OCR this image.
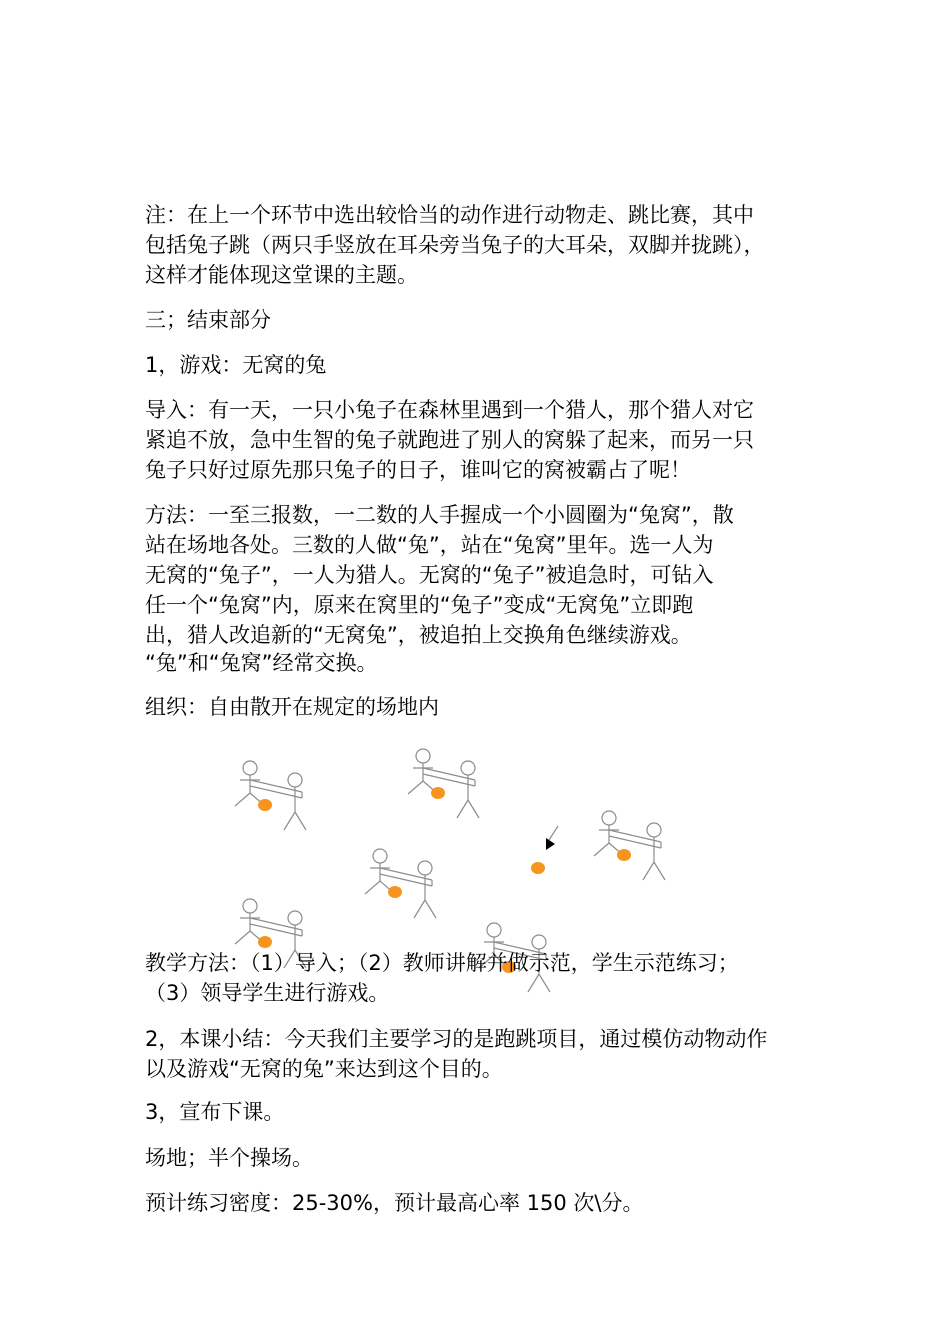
注：在上一个环节中选出较恰当的动作进行动物走、跳比赛，其中
包括兔子跳（两只手竖放在耳朵旁当兔子的大耳朵，双脚并拢跳），
这样才能体现这堂课的主题。
三；结束部分
1，游戏：无窝的兔
导入：有一天，一只小兔子在森林里遇到一个猎人，那个猎人对它
紧追不放，急中生智的兔子就跑进了别人的窝躲了起来，而另一只
兔子只好过原先那只兔子的日子，谁叫它的窝被霸占了呢！
方法：一至三报数，一二数的人手握成一个小圆圈为“兔窝”，散
站在场地各处。三数的人做“兔”，站在“兔窝”里年。选一人为
无窝的“兔子”，一人为猎人。无窝的“兔子”被追急时，可钻入
任一个“兔窝”内，原来在窝里的“兔子”变成“无窝兔”立即跑
出，猎人改追新的“无窝兔”，被追拍上交换角色继续游戏。
“兔”和“兔窝”经常交换。
组织：自由散开在规定的场地内
教学方法：（1）导入；（2）教师讲解并做示范，学生示范练习；
（3）领导学生进行游戏。
2，本课小结：今天我们主要学习的是跑跳项目，通过模仿动物动作
以及游戏“无窝的兔”来达到这个目的。
3，宣布下课。
场地；半个操场。
预计练习密度：25-30%，预计最高心率 150 次\分。
